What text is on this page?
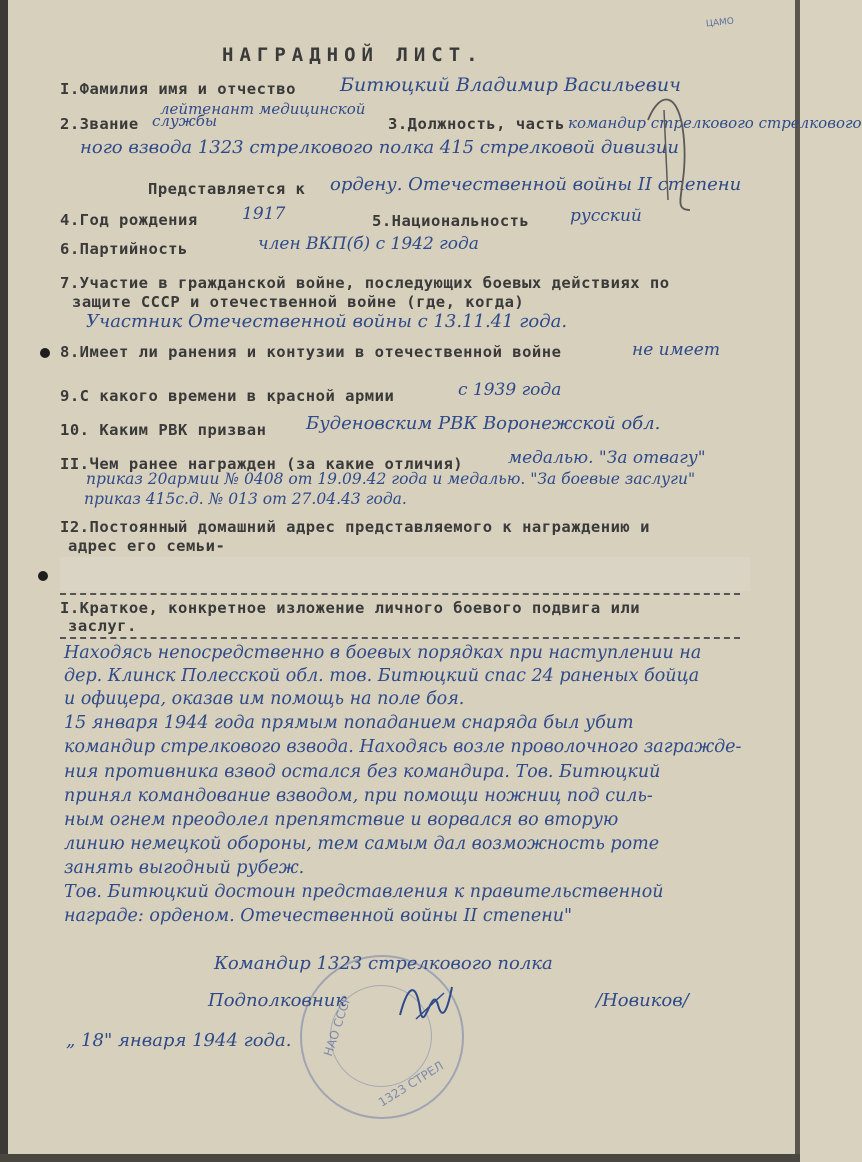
ЦАМО
НАГРАДНОЙ ЛИСТ.
I.Фамилия имя и отчество Битюцкий Владимир Васильевич
лейтенант медицинской
2.Звание службы	3.Должность, часть командир стрелкового стрелкового
ного взвода 1323 стрелкового полка 415 стрелковой дивизии
Представляется к ордену. Отечественной войны II степени
4.Год рождения	1917	5.Национальность русский
6.Партийность	член ВКП(б) с 1942 года
7.Участие в гражданской войне, последующих боевых действиях по
защите СССР и отечественной войне (где, когда)
Участник Отечественной войны с 13.11.41 года.
8.Имеет ли ранения и контузии в отечественной войне	не имеет
9.С какого времени в красной армии	с 1939 года
10. Каким РВК призван Буденовским РВК Воронежской обл.
II.Чем ранее награжден (за какие отличия)	медалью. "За отвагу"
приказ 20армии № 0408 от 19.09.42 года и медалью. "За боевые заслуги"
приказ 415с.д. № 013 от 27.04.43 года.
I2.Постоянный домашний адрес представляемого к награждению и
адрес его семьи-
I.Краткое, конкретное изложение личного боевого подвига или
заслуг.
Находясь непосредственно в боевых порядках при наступлении на
дер. Клинск Полесской обл. тов. Битюцкий спас 24 раненых бойца
и офицера, оказав им помощь на поле боя.
15 января 1944 года прямым попаданием снаряда был убит
командир стрелкового взвода. Находясь возле проволочного загражде-
ния противника взвод остался без командира. Тов. Битюцкий
принял командование взводом, при помощи ножниц под силь-
ным огнем преодолел препятствие и ворвался во вторую
линию немецкой обороны, тем самым дал возможность роте
занять выгодный рубеж.
Тов. Битюцкий достоин представления к правительственной
награде: орденом. Отечественной войны II степени"
НАО СССР
1323 СТРЕЛ
Командир 1323 стрелкового полка
Подполковник	/Новиков/
„ 18" января 1944 года.
